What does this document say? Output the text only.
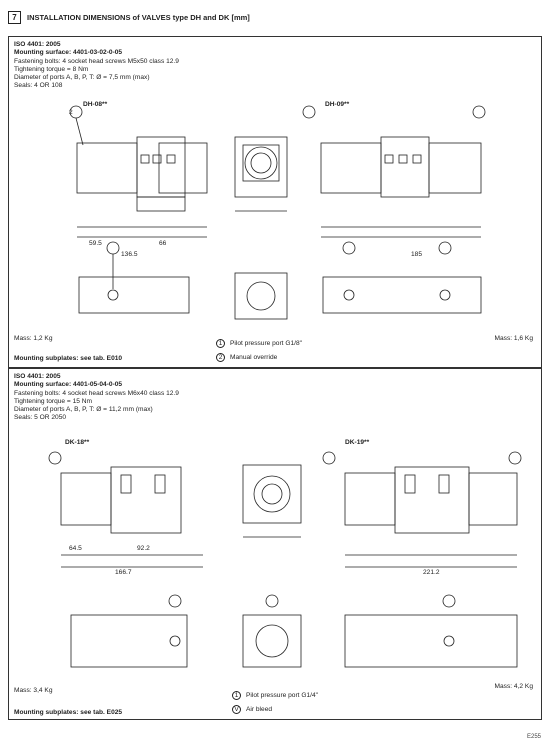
7	INSTALLATION DIMENSIONS of VALVES type DH and DK [mm]
ISO 4401: 2005
Mounting surface: 4401-03-02-0-05
Fastening bolts: 4 socket head screws M5x50 class 12.9
Tightening torque = 8 Nm
Diameter of ports A, B, P, T: Ø = 7,5 mm (max)
Seals: 4 OR 108
DH-08**	DH-09**
2
59.5	66
136.5	185
Mass: 1,2 Kg	Mass: 1,6 Kg
Mounting subplates: see tab. E010
1	Pilot pressure port G1/8"
2	Manual override
ISO 4401: 2005
Mounting surface: 4401-05-04-0-05
Fastening bolts: 4 socket head screws M6x40 class 12.9
Tightening torque = 15 Nm
Diameter of ports A, B, P, T: Ø = 11,2 mm (max)
Seals: 5 OR 2050
DK-18**	DK-19**
64.5	92.2
166.7	221.2
Mass: 3,4 Kg
Mass: 4,2 Kg
Mounting subplates: see tab. E025
1	Pilot pressure port G1/4"
V	Air bleed
E255
